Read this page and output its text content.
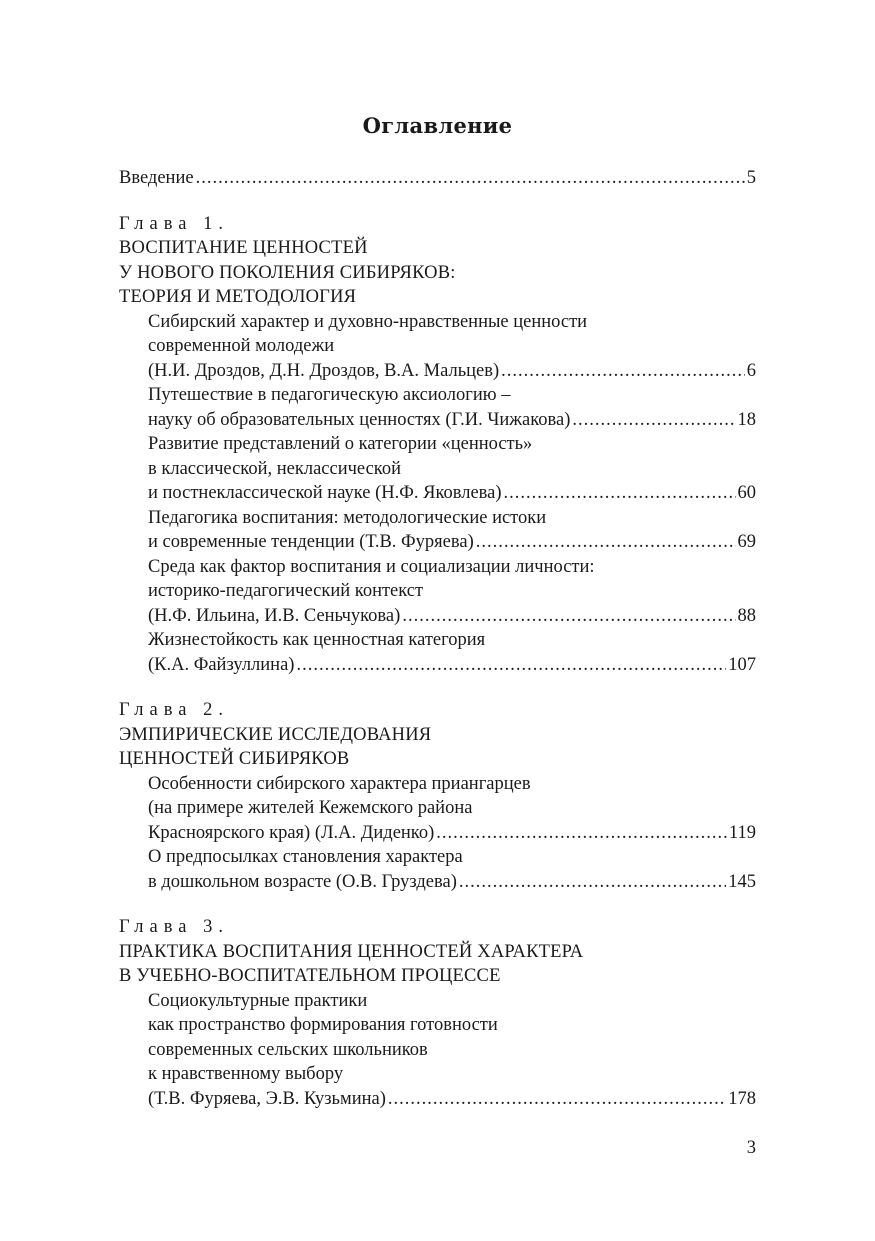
Оглавление
Введение .....	5
Глава 1.
ВОСПИТАНИЕ ЦЕННОСТЕЙ
У НОВОГО ПОКОЛЕНИЯ СИБИРЯКОВ:
ТЕОРИЯ И МЕТОДОЛОГИЯ
Сибирский характер и духовно-нравственные ценности
современной молодежи
(Н.И. Дроздов, Д.Н. Дроздов, В.А. Мальцев) .....	6
Путешествие в педагогическую аксиологию –
науку об образовательных ценностях (Г.И. Чижакова) .....	18
Развитие представлений о категории «ценность»
в классической, неклассической
и постнеклассической науке (Н.Ф. Яковлева) .....	60
Педагогика воспитания: методологические истоки
и современные тенденции (Т.В. Фуряева) .....	69
Среда как фактор воспитания и социализации личности:
историко-педагогический контекст
(Н.Ф. Ильина, И.В. Сеньчукова) .....	88
Жизнестойкость как ценностная категория
(К.А. Файзуллина) .....	107
Глава 2.
ЭМПИРИЧЕСКИЕ ИССЛЕДОВАНИЯ
ЦЕННОСТЕЙ СИБИРЯКОВ
Особенности сибирского характера приангарцев
(на примере жителей Кежемского района
Красноярского края) (Л.А. Диденко) .....	119
О предпосылках становления характера
в дошкольном возрасте (О.В. Груздева) .....	145
Глава 3.
ПРАКТИКА ВОСПИТАНИЯ ЦЕННОСТЕЙ ХАРАКТЕРА
В УЧЕБНО-ВОСПИТАТЕЛЬНОМ ПРОЦЕССЕ
Социокультурные практики
как пространство формирования готовности
современных сельских школьников
к нравственному выбору
(Т.В. Фуряева, Э.В. Кузьмина) .....	178
3
